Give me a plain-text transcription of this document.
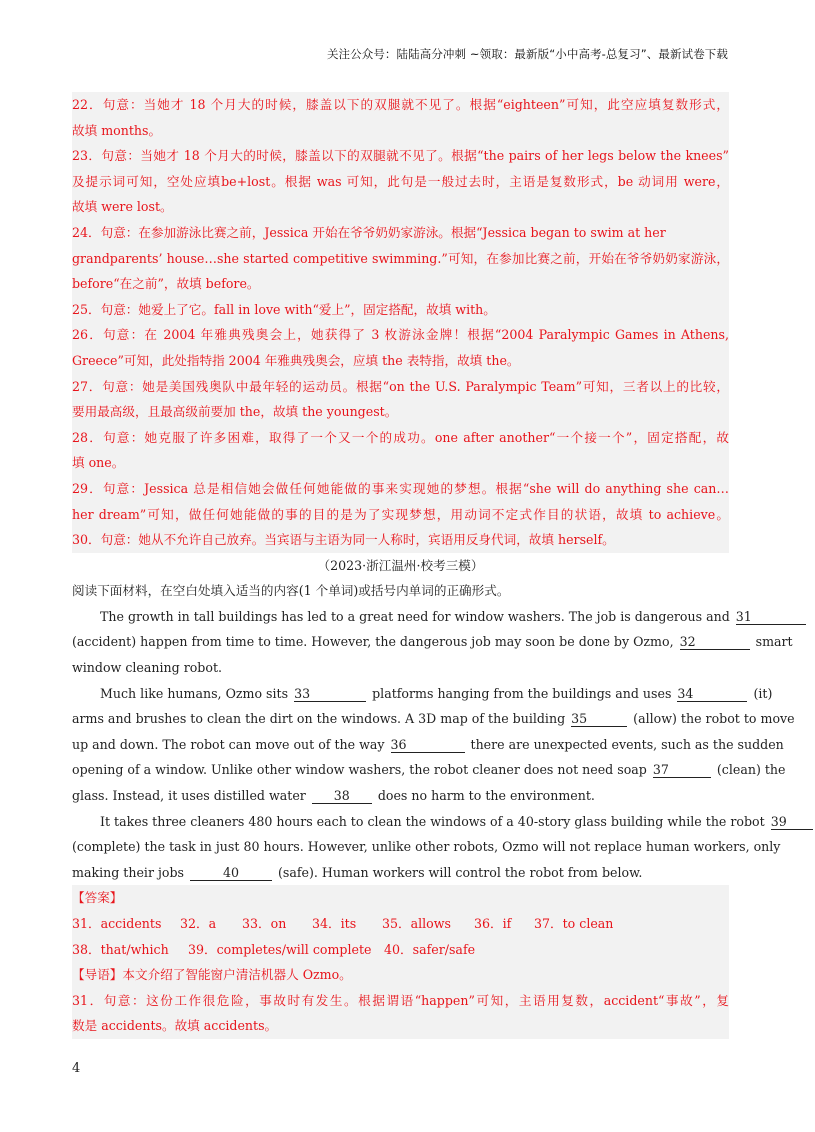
关注公众号：陆陆高分冲刺 ~领取：最新版“小中高考-总复习”、最新试卷下载
22．句意：当她才 18 个月大的时候，膝盖以下的双腿就不见了。根据“eighteen”可知，此空应填复数形式，
故填 months。
23．句意：当她才 18 个月大的时候，膝盖以下的双腿就不见了。根据“the pairs of her legs below the knees”
及提示词可知，空处应填be+lost。根据 was 可知，此句是一般过去时，主语是复数形式，be 动词用 were，
故填 were lost。
24．句意：在参加游泳比赛之前，Jessica 开始在爷爷奶奶家游泳。根据“Jessica began to swim at her
grandparents’ house…she started competitive swimming.”可知，在参加比赛之前，开始在爷爷奶奶家游泳，
before“在之前”，故填 before。
25．句意：她爱上了它。fall in love with“爱上”，固定搭配，故填 with。
26．句意：在 2004 年雅典残奥会上，她获得了 3 枚游泳金牌！根据“2004 Paralympic Games in Athens,
Greece”可知，此处指特指 2004 年雅典残奥会，应填 the 表特指，故填 the。
27．句意：她是美国残奥队中最年轻的运动员。根据“on the U.S. Paralympic Team”可知，三者以上的比较，
要用最高级，且最高级前要加 the，故填 the youngest。
28．句意：她克服了许多困难，取得了一个又一个的成功。one after another“一个接一个”，固定搭配，故
填 one。
29．句意：Jessica 总是相信她会做任何她能做的事来实现她的梦想。根据“she will do anything she can…
her dream”可知，做任何她能做的事的目的是为了实现梦想，用动词不定式作目的状语，故填 to achieve。
30．句意：她从不允许自己放弃。当宾语与主语为同一人称时，宾语用反身代词，故填 herself。
（2023·浙江温州·校考三模）
阅读下面材料，在空白处填入适当的内容(1 个单词)或括号内单词的正确形式。
The growth in tall buildings has led to a great need for window washers. The job is dangerous and 31
(accident) happen from time to time. However, the dangerous job may soon be done by Ozmo, 32	smart
window cleaning robot.
Much like humans, Ozmo sits 33	platforms hanging from the buildings and uses 34	(it)
arms and brushes to clean the dirt on the windows. A 3D map of the building 35	(allow) the robot to move
up and down. The robot can move out of the way 36	there are unexpected events, such as the sudden
opening of a window. Unlike other window washers, the robot cleaner does not need soap 37	(clean) the
glass. Instead, it uses distilled water 38 does no harm to the environment.
It takes three cleaners 480 hours each to clean the windows of a 40-story glass building while the robot 39
(complete) the task in just 80 hours. However, unlike other robots, Ozmo will not replace human workers, only
making their jobs	40	(safe). Human workers will control the robot from below.
【答案】
31．accidents 32．a 33．on 34．its 35．allows 36．if 37．to clean
38．that/which 39．completes/will complete 40．safer/safe
【导语】本文介绍了智能窗户清洁机器人 Ozmo。
31．句意：这份工作很危险，事故时有发生。根据谓语“happen”可知，主语用复数，accident“事故”，复
数是 accidents。故填 accidents。
4
